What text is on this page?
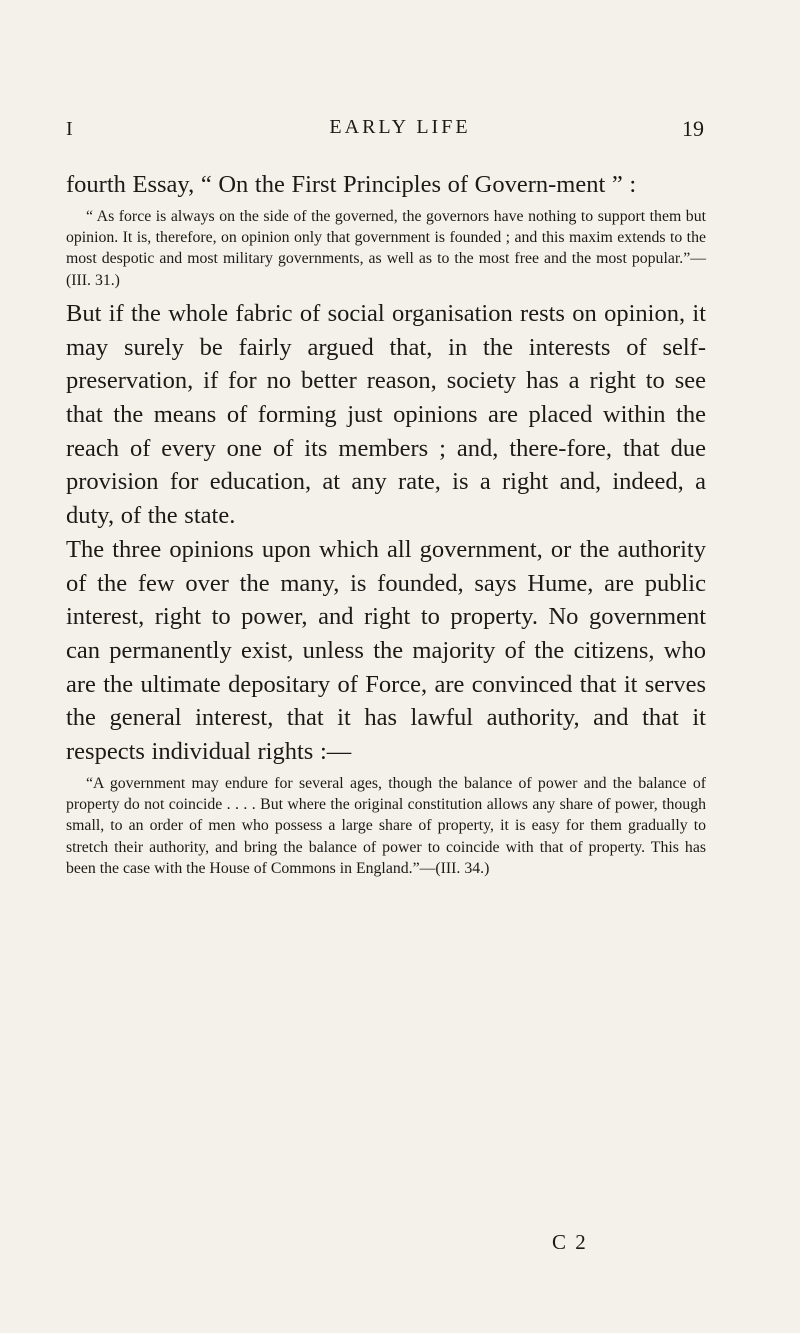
I	EARLY LIFE	19

fourth Essay, “ On the First Principles of Govern-ment ” :

“ As force is always on the side of the governed, the governors have nothing to support them but opinion. It is, therefore, on opinion only that government is founded ; and this maxim extends to the most despotic and most military governments, as well as to the most free and the most popular.”—(III. 31.)

But if the whole fabric of social organisation rests on opinion, it may surely be fairly argued that, in the interests of self-preservation, if for no better reason, society has a right to see that the means of forming just opinions are placed within the reach of every one of its members ; and, there-fore, that due provision for education, at any rate, is a right and, indeed, a duty, of the state.

The three opinions upon which all government, or the authority of the few over the many, is founded, says Hume, are public interest, right to power, and right to property. No government can permanently exist, unless the majority of the citizens, who are the ultimate depositary of Force, are convinced that it serves the general interest, that it has lawful authority, and that it respects individual rights :—

“A government may endure for several ages, though the balance of power and the balance of property do not coincide . . . . But where the original constitution allows any share of power, though small, to an order of men who possess a large share of property, it is easy for them gradually to stretch their authority, and bring the balance of power to coincide with that of property. This has been the case with the House of Commons in England.”—(III. 34.)

C 2
